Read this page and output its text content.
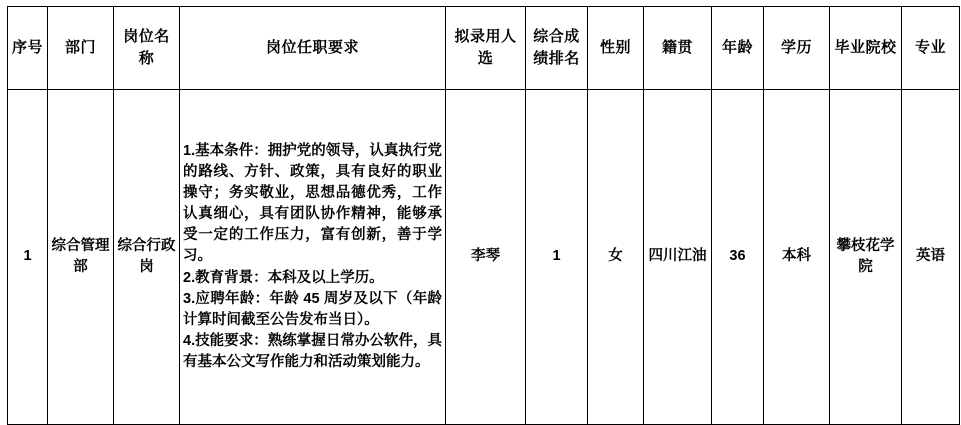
序号	部门	岗位名称	岗位任职要求	拟录用人选	综合成绩排名	性别	籍贯	年龄	学历	毕业院校	专业
1	综合管理部	综合行政岗	1.基本条件：拥护党的领导，认真执行党的路线、方针、政策，具有良好的职业操守；务实敬业，思想品德优秀，工作认真细心，具有团队协作精神，能够承受一定的工作压力，富有创新，善于学习。

2.教育背景：本科及以上学历。

3.应聘年龄：年龄 45 周岁及以下（年龄计算时间截至公告发布当日）。

4.技能要求：熟练掌握日常办公软件，具有基本公文写作能力和活动策划能力。	李琴	1	女	四川江油	36	本科	攀枝花学院	英语
